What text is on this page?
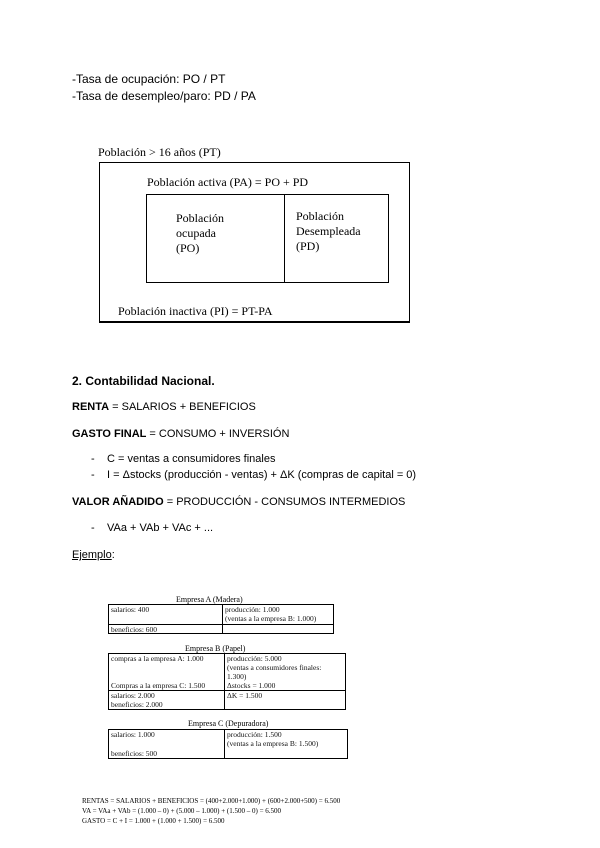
-Tasa de ocupación: PO / PT
-Tasa de desempleo/paro: PD / PA
Población > 16 años (PT)
Población activa (PA) = PO + PD
Población
ocupada
(PO)
Población
Desempleada
(PD)
Población inactiva (PI) = PT-PA
2. Contabilidad Nacional.
RENTA = SALARIOS + BENEFICIOS
GASTO FINAL = CONSUMO + INVERSIÓN
- C = ventas a consumidores finales
- I = Δstocks (producción - ventas) + ΔK (compras de capital = 0)
VALOR AÑADIDO = PRODUCCIÓN - CONSUMOS INTERMEDIOS
- VAa + VAb + VAc + ...
Ejemplo:
Empresa A (Madera)
salarios: 400
beneficios: 600
producción: 1.000
(ventas a la empresa B: 1.000)
Empresa B (Papel)
compras a la empresa A: 1.000
Compras a la empresa C: 1.500
producción: 5.000
(ventas a consumidores finales:
1.300)
Δstocks = 1.000
salarios: 2.000
beneficios: 2.000
ΔK = 1.500
Empresa C (Depuradora)
salarios: 1.000
beneficios: 500
producción: 1.500
(ventas a la empresa B: 1.500)
RENTAS = SALARIOS + BENEFICIOS = (400+2.000+1.000) + (600+2.000+500) = 6.500
VA = VAa + VAb = (1.000 – 0) + (5.000 – 1.000) + (1.500 – 0) = 6.500
GASTO = C + I = 1.000 + (1.000 + 1.500) = 6.500
